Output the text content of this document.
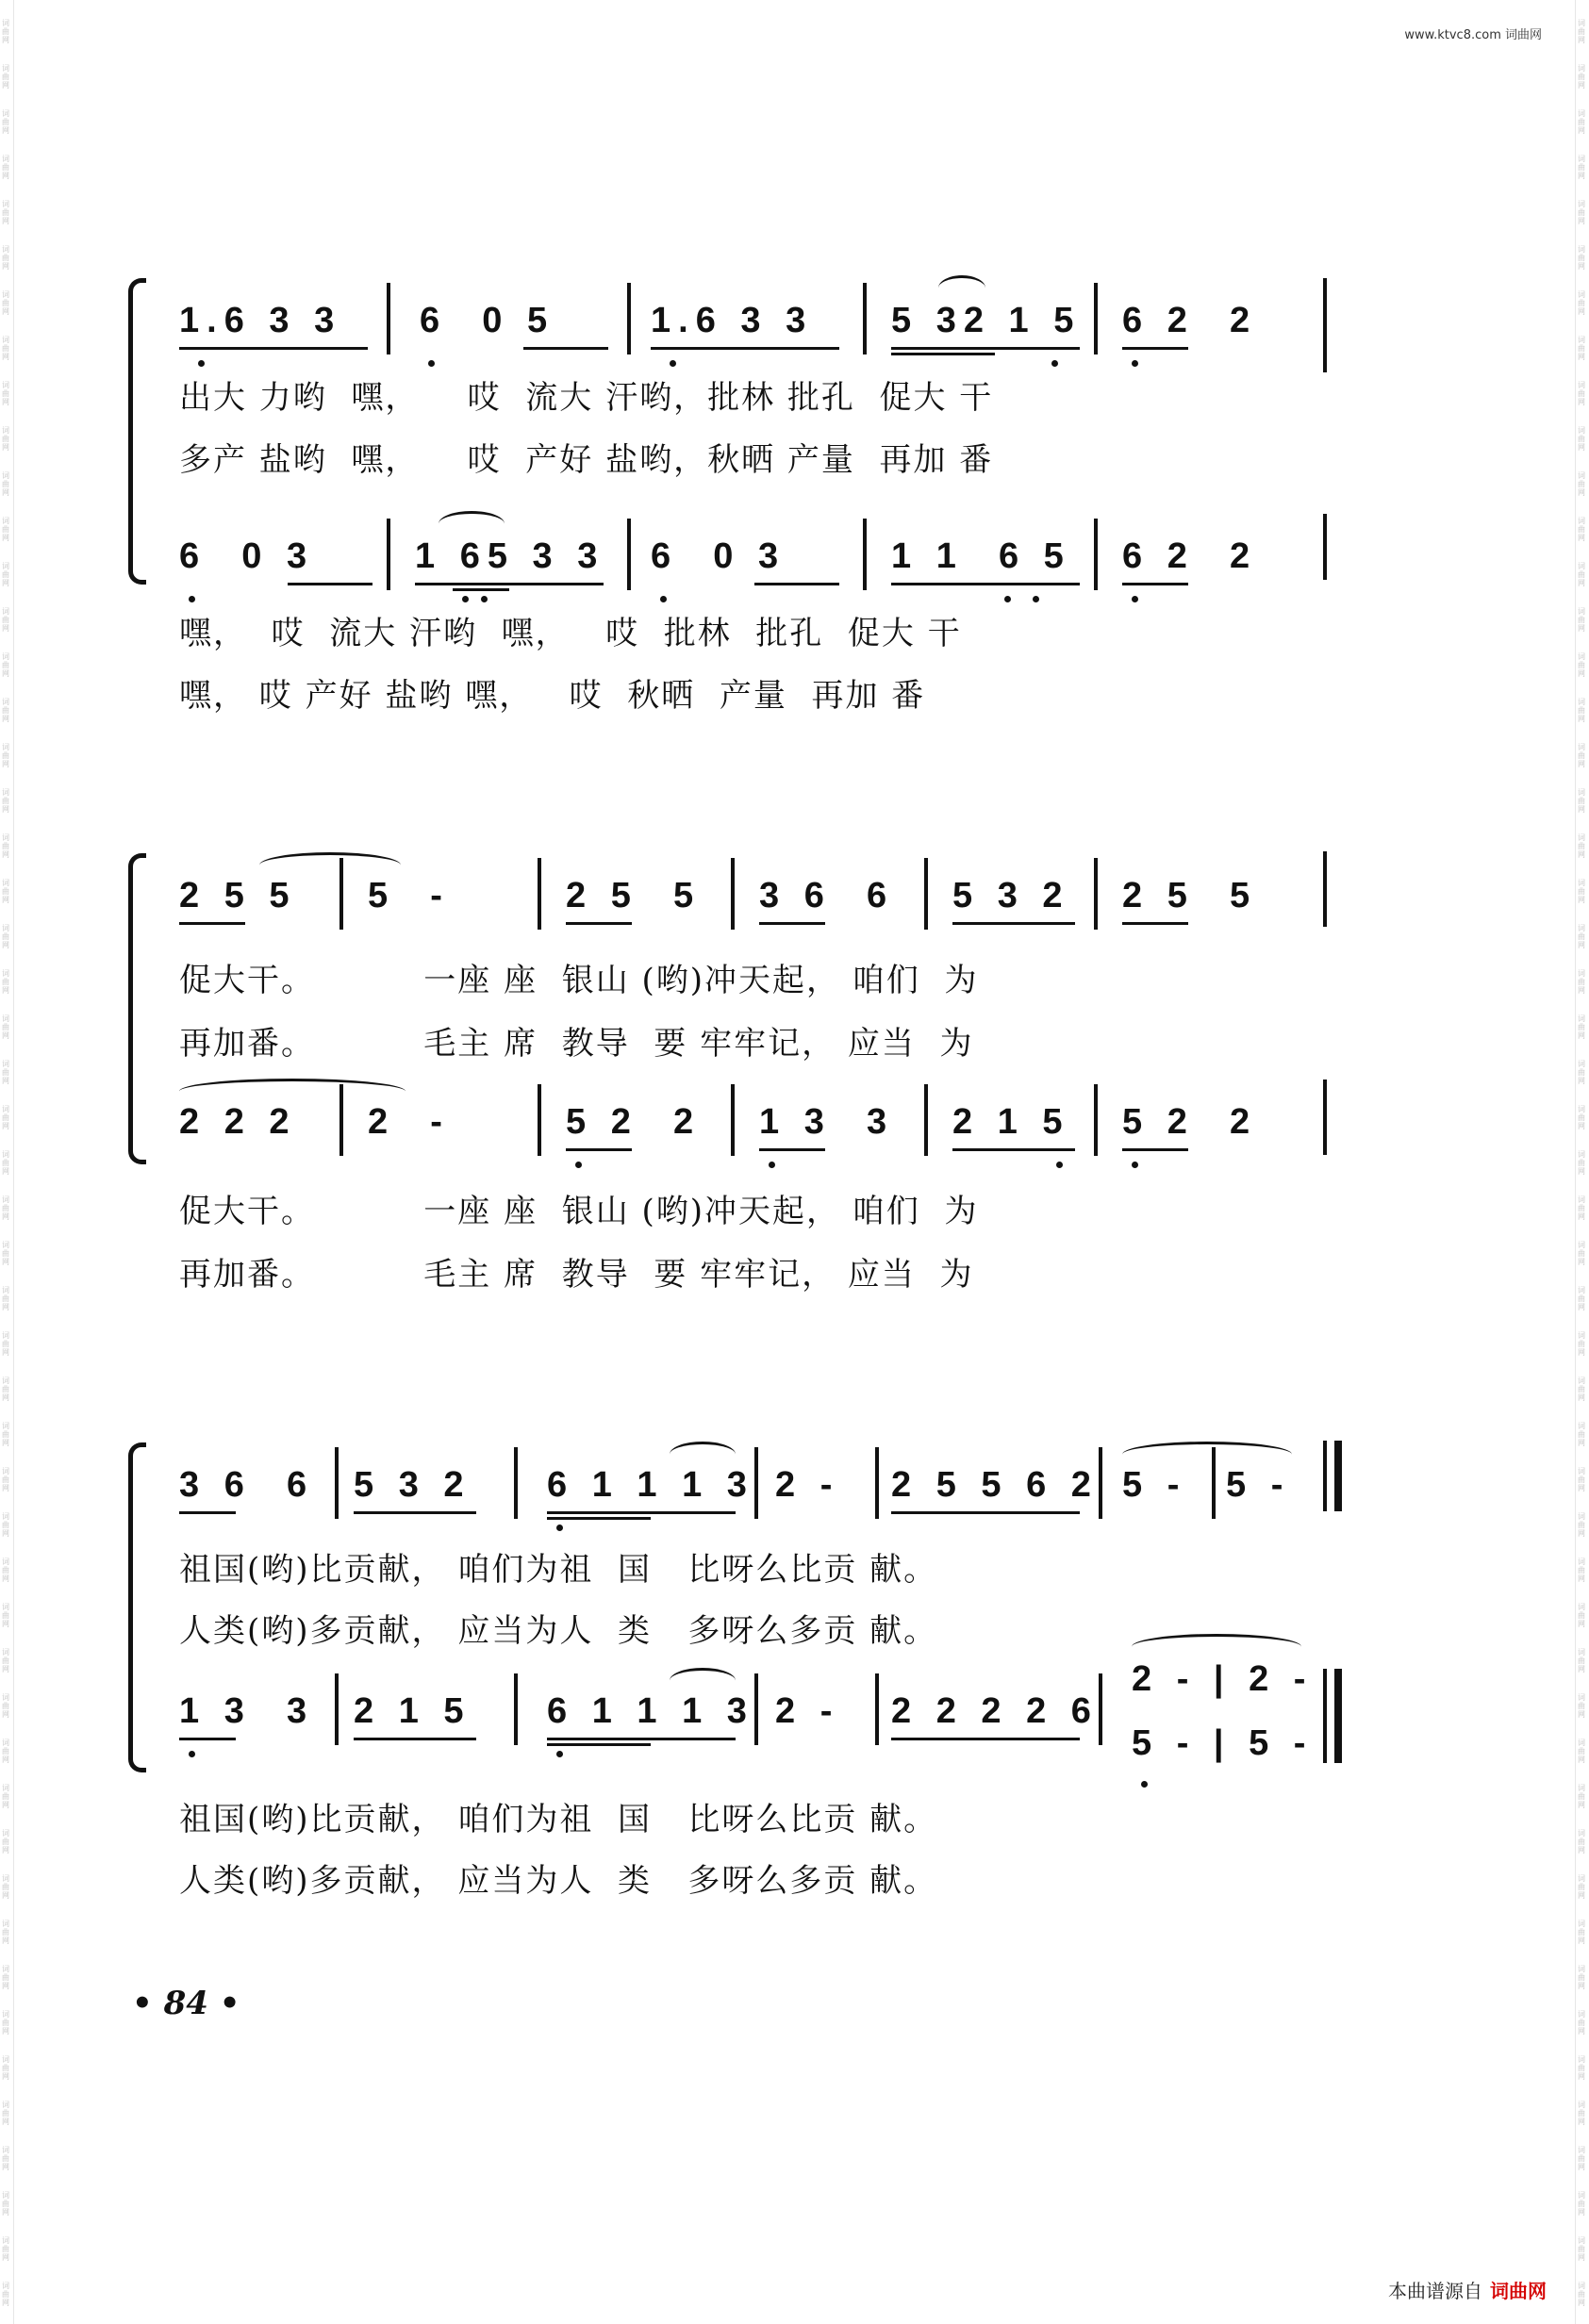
词曲网
词曲网
词曲网
词曲网
词曲网
词曲网
词曲网
词曲网
词曲网
词曲网
词曲网
词曲网
词曲网
词曲网
词曲网
词曲网
词曲网
词曲网
词曲网
词曲网
词曲网
词曲网
词曲网
词曲网
词曲网
词曲网
词曲网
词曲网
词曲网
词曲网
词曲网
词曲网
词曲网
词曲网
词曲网
词曲网
词曲网
词曲网
词曲网
词曲网
词曲网
词曲网
词曲网
词曲网
词曲网
词曲网
词曲网
词曲网
词曲网
词曲网
词曲网
词曲网
词曲网
词曲网
词曲网
词曲网
词曲网
词曲网
词曲网
词曲网
词曲网
词曲网
词曲网
词曲网
词曲网
词曲网
词曲网
词曲网
词曲网
词曲网
词曲网
词曲网
词曲网
词曲网
词曲网
词曲网
词曲网
词曲网
词曲网
词曲网
词曲网
词曲网
词曲网
词曲网
词曲网
词曲网
词曲网
词曲网
词曲网
词曲网
词曲网
词曲网
词曲网
词曲网
词曲网
词曲网
词曲网
词曲网
词曲网
词曲网
词曲网
词曲网
www.ktvc8.com 词曲网
1.6 3 3 6  0 5	1.6 3 3 5 32 1 5 6 2  2
出大 力哟  嘿，    哎  流大 汗哟，批林 批孔  促大 干
多产 盐哟  嘿，    哎  产好 盐哟，秋晒 产量  再加 番
6  0 3	1 65 3 3 6  0 3	1 1  6 5 6 2  2
嘿，  哎  流大 汗哟  嘿，   哎  批林  批孔  促大 干
嘿， 哎 产好 盐哟 嘿，   哎  秋晒  产量  再加 番
2 5 5 5  -	2 5  5 3 6  6 5 3 2 2 5  5
促大干。         一座 座  银山 (哟)冲天起， 咱们  为
再加番。         毛主 席  教导  要 牢牢记， 应当  为
2 2 2 2  -	5 2  2 1 3  3 2 1 5 5 2  2
促大干。         一座 座  银山 (哟)冲天起， 咱们  为
再加番。         毛主 席  教导  要 牢牢记， 应当  为
3 6  6 5 3 2 6 1 1 1 3 2 - 2 5 5 6 2 5 - 5 -
祖国(哟)比贡献， 咱们为祖  国   比呀么比贡 献。
人类(哟)多贡献， 应当为人  类   多呀么多贡 献。
1 3  3 2 1 5 6 1 1 1 3 2 - 2 2 2 2 6
2 - | 2 -
5 - | 5 -
祖国(哟)比贡献， 咱们为祖  国   比呀么比贡 献。
人类(哟)多贡献， 应当为人  类   多呀么多贡 献。
• 84 •
本曲谱源自 词曲网
